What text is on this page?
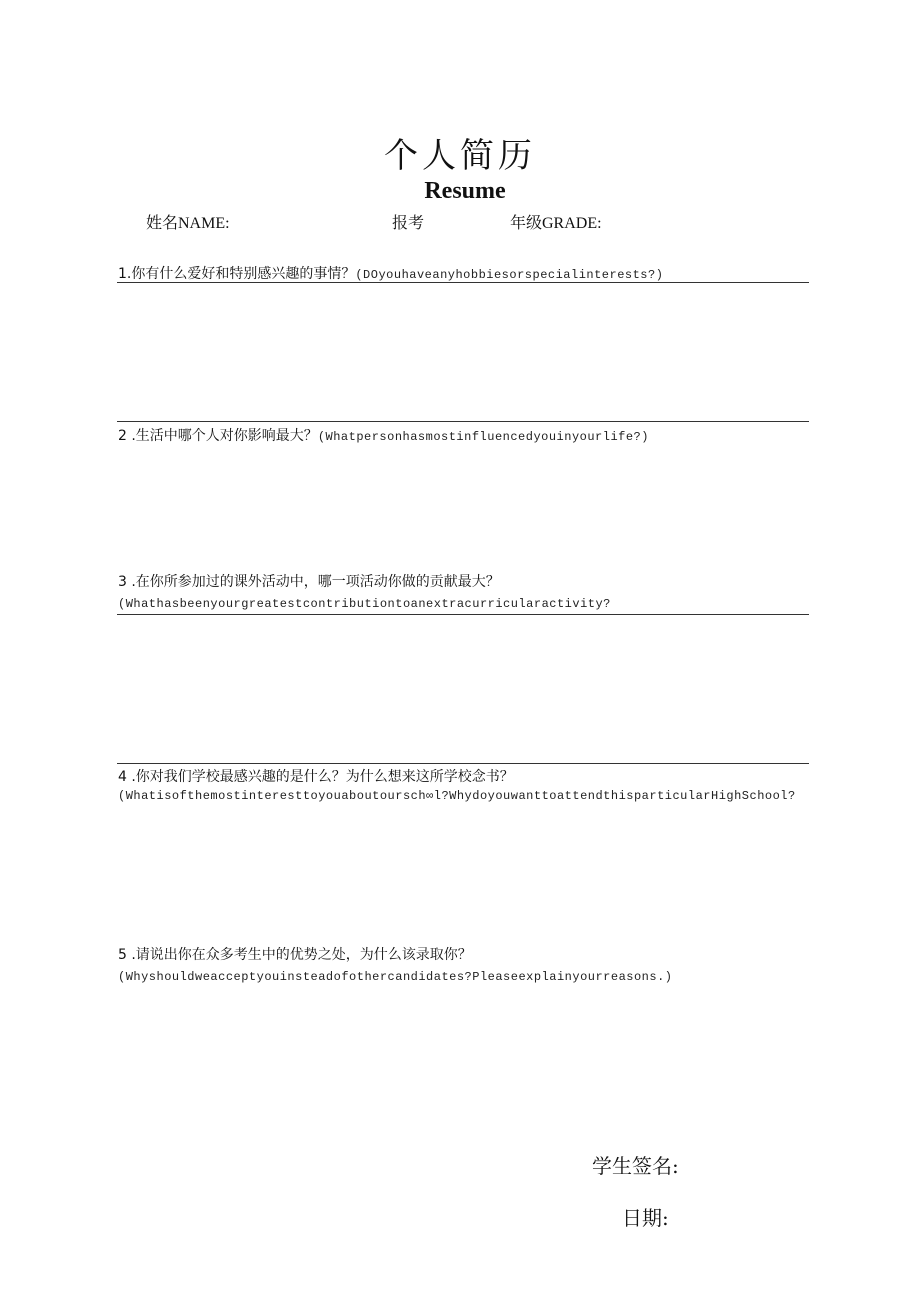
个人简历
Resume
姓名NAME:	报考	年级GRADE:
1.你有什么爱好和特别感兴趣的事情？(DOyouhaveanyhobbiesorspecialinterests?)
2 .生活中哪个人对你影响最大？(Whatpersonhasmostinfluencedyouinyourlife?)
3 .在你所参加过的课外活动中，哪一项活动你做的贡献最大？
(Whathasbeenyourgreatestcontributiontoanextracurricularactivity?
4 .你对我们学校最感兴趣的是什么？为什么想来这所学校念书？
(Whatisofthemostinteresttoyouaboutoursch∞l?WhydoyouwanttoattendthisparticularHighSchool?
5 .请说出你在众多考生中的优势之处，为什么该录取你？
(Whyshouldweacceptyouinsteadofothercandidates?Pleaseexplainyourreasons.)
学生签名:
日期:
